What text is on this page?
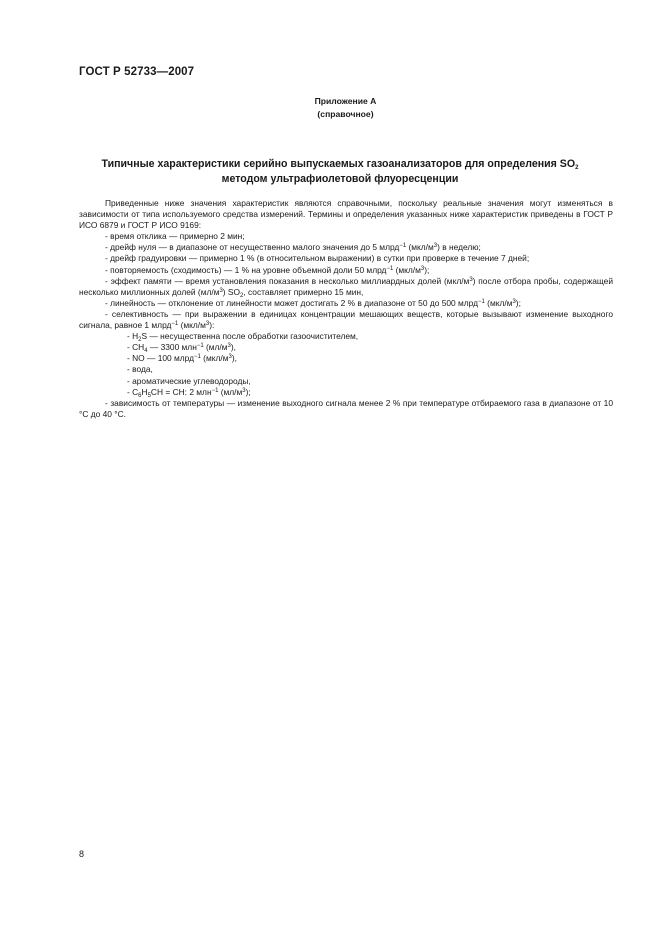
ГОСТ Р 52733—2007
Приложение А
(справочное)
Типичные характеристики серийно выпускаемых газоанализаторов для определения $SO_2$
методом ультрафиолетовой флуоресценции

Приведенные ниже значения характеристик являются справочными, поскольку реальные значения могут изменяться в зависимости от типа используемого средства измерений. Термины и определения указанных ниже характеристик приведены в ГОСТ Р ИСО 6879 и ГОСТ Р ИСО 9169:

- время отклика — примерно 2 мин;

- дрейф нуля — в диапазоне от несущественно малого значения до 5 млрд$^{-1}$ $(мкл/м^3)$ в неделю;

- дрейф градуировки — примерно 1 % (в относительном выражении) в сутки при проверке в течение 7 дней;

- повторяемость (сходимость) — 1 % на уровне объемной доли 50 млрд$^{-1}$ $(мкл/м^3)$;

- эффект памяти — время установления показания в несколько миллиардных долей $(мкл/м^3)$ после отбора пробы, содержащей несколько миллионных долей $(мл/м^3)$ $SO_2$, составляет примерно 15 мин,

- линейность — отклонение от линейности может достигать 2 % в диапазоне от 50 до 500 млрд$^{-1}$ $(мкл/м^3)$;

- селективность — при выражении в единицах концентрации мешающих веществ, которые вызывают изменение выходного сигнала, равное 1 млрд$^{-1}$ $(мкл/м^3)$:

- $H_2S$ — несущественна после обработки газоочистителем,

- $CH_4$ — 3300 млн$^{-1}$ $(мл/м^3)$,

- NO — 100 млрд$^{-1}$ $(мкл/м^3)$,

- вода,

- ароматические углеводороды,

- $C_6H_5CH$ = CH: 2 млн$^{-1}$ $(мл/м^3)$;

- зависимость от температуры — изменение выходного сигнала менее 2 % при температуре отбираемого газа в диапазоне от 10 °С до 40 °С.

8
